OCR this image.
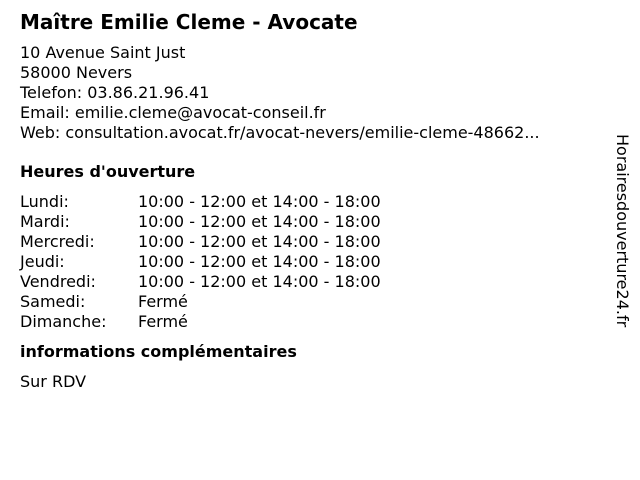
Maître Emilie Cleme - Avocate
10 Avenue Saint Just
58000 Nevers
Telefon: 03.86.21.96.41
Email: emilie.cleme@avocat-conseil.fr
Web: consultation.avocat.fr/avocat-nevers/emilie-cleme-48662...
Heures d'ouverture
Lundi:	10:00 - 12:00 et 14:00 - 18:00
Mardi:	10:00 - 12:00 et 14:00 - 18:00
Mercredi:	10:00 - 12:00 et 14:00 - 18:00
Jeudi:	10:00 - 12:00 et 14:00 - 18:00
Vendredi:	10:00 - 12:00 et 14:00 - 18:00
Samedi:	Fermé
Dimanche:	Fermé
informations complémentaires
Sur RDV
Horairesdouverture24.fr
